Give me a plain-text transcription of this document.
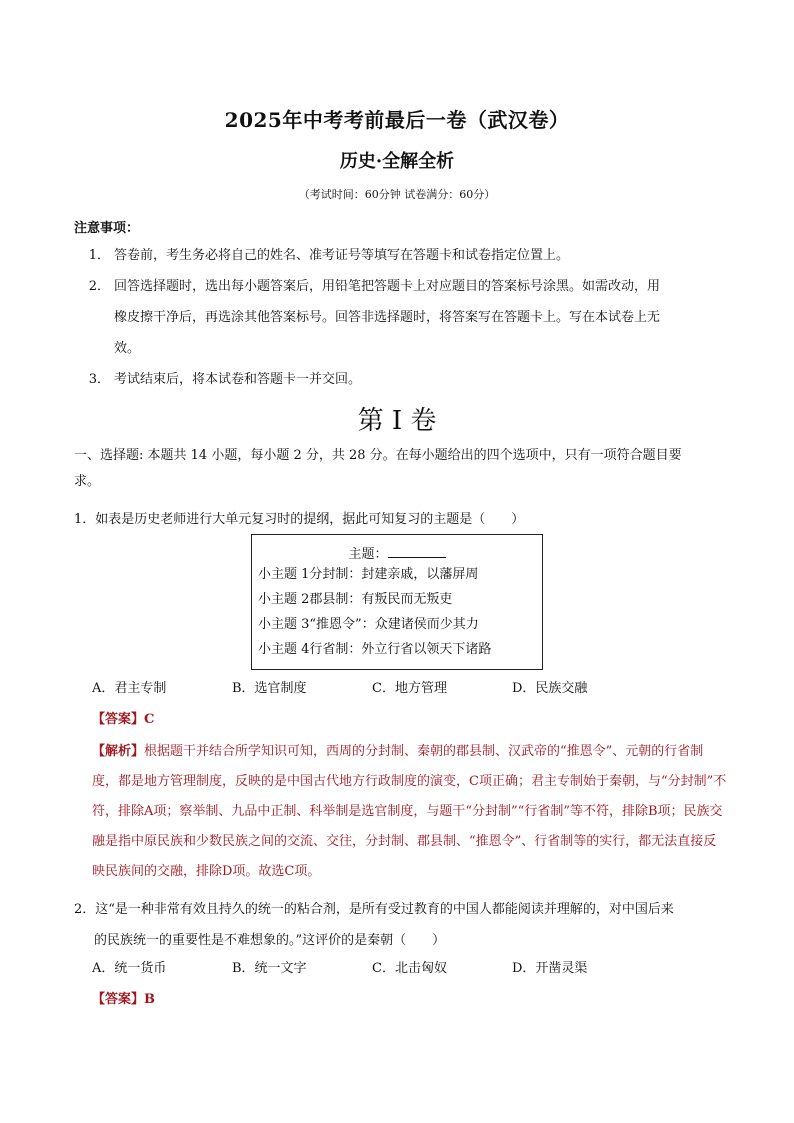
2025年中考考前最后一卷（武汉卷）
历史·全解全析
（考试时间：60分钟 试卷满分：60分）
注意事项：
1． 答卷前，考生务必将自己的姓名、准考证号等填写在答题卡和试卷指定位置上。
2． 回答选择题时，选出每小题答案后，用铅笔把答题卡上对应题目的答案标号涂黑。如需改动，用
橡皮擦干净后，再选涂其他答案标号。回答非选择题时，将答案写在答题卡上。写在本试卷上无
效。
3． 考试结束后，将本试卷和答题卡一并交回。
第 I 卷
一、选择题: 本题共 14 小题，每小题 2 分，共 28 分。在每小题给出的四个选项中，只有一项符合题目要
求。
1．如表是历史老师进行大单元复习时的提纲，据此可知复习的主题是（　　）
主题：
小主题 1分封制：封建亲戚，以藩屏周
小主题 2郡县制：有叛民而无叛吏
小主题 3“推恩令”：众建诸侯而少其力
小主题 4行省制：外立行省以领天下诸路
A．君主专制	B．选官制度	C．地方管理	D．民族交融
【答案】C
【解析】根据题干并结合所学知识可知，西周的分封制、秦朝的郡县制、汉武帝的“推恩令”、元朝的行省制度，都是地方管理制度，反映的是中国古代地方行政制度的演变，C项正确；君主专制始于秦朝，与“分封制”不符，排除A项；察举制、九品中正制、科举制是选官制度，与题干“分封制”“行省制”等不符，排除B项；民族交融是指中原民族和少数民族之间的交流、交往，分封制、郡县制、“推恩令”、行省制等的实行，都无法直接反映民族间的交融，排除D项。故选C项。
2．这“是一种非常有效且持久的统一的粘合剂，是所有受过教育的中国人都能阅读并理解的，对中国后来
的民族统一的重要性是不难想象的。”这评价的是秦朝（　　）
A．统一货币	B．统一文字	C．北击匈奴	D．开凿灵渠
【答案】B
